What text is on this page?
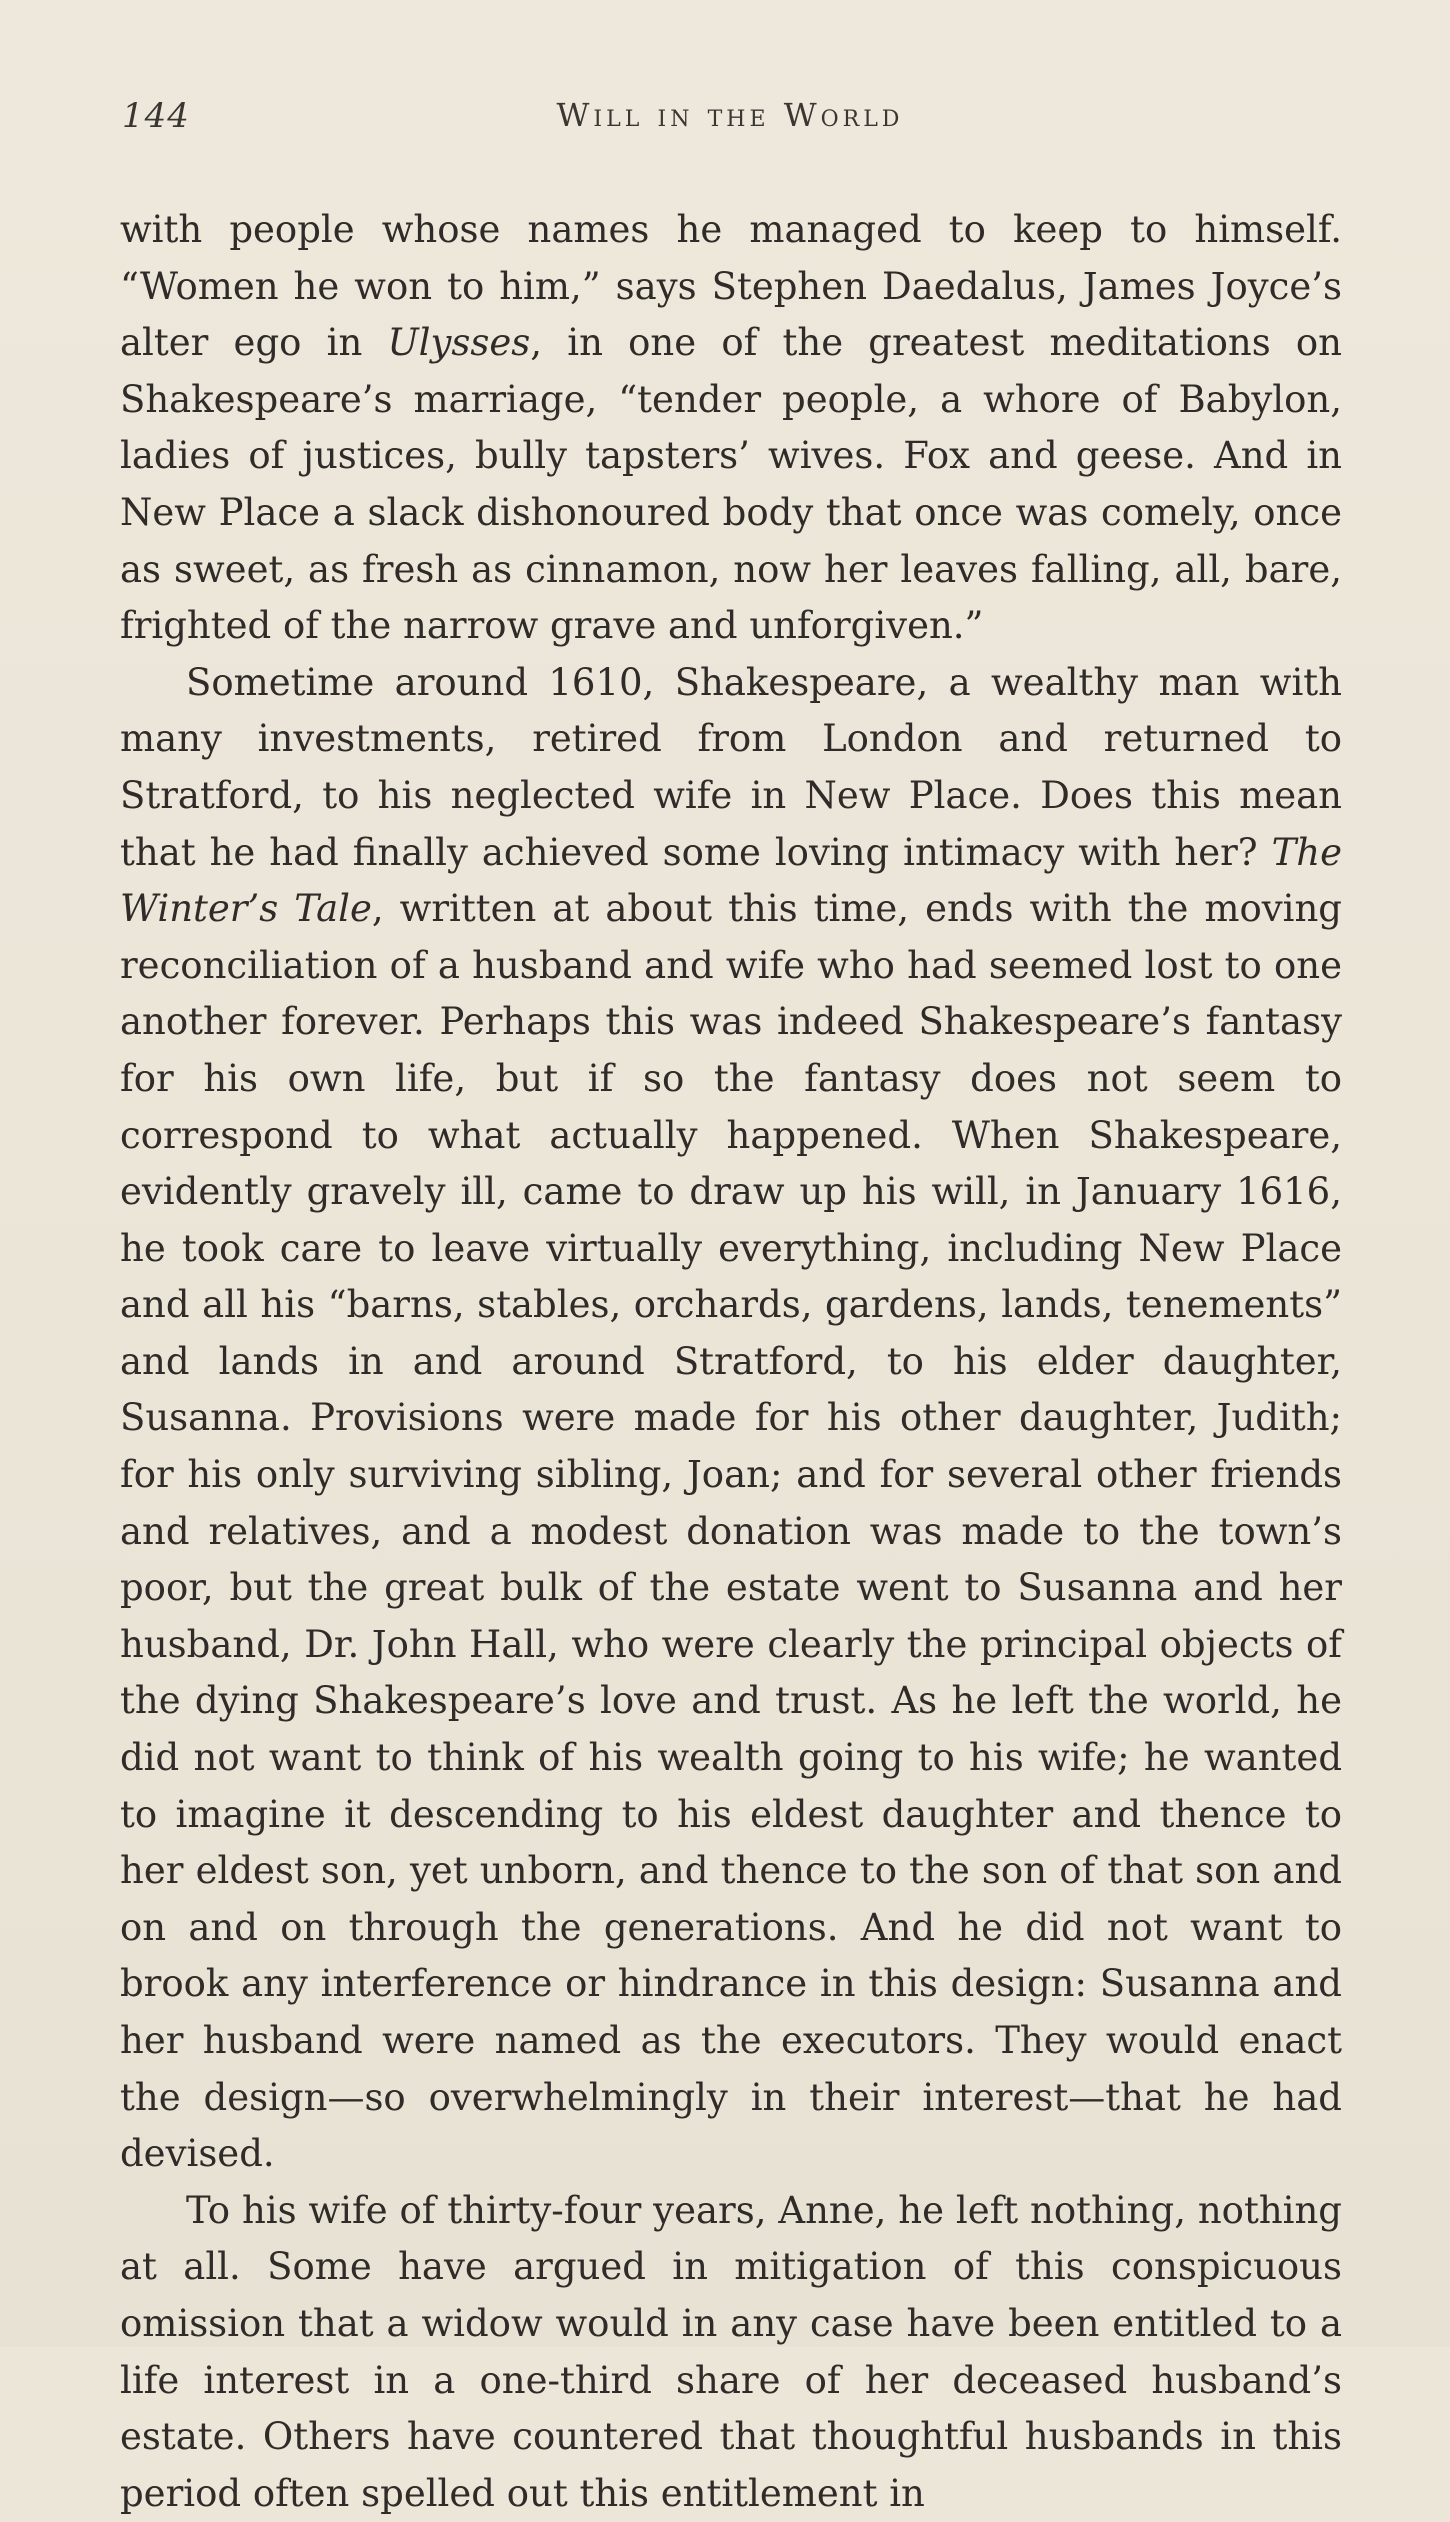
144	Will in the World

with people whose names he managed to keep to himself. “Women he won to him,” says Stephen Daedalus, James Joyce’s alter ego in Ulysses, in one of the greatest meditations on Shakespeare’s marriage, “tender people, a whore of Babylon, ladies of justices, bully tapsters’ wives. Fox and geese. And in New Place a slack dishonoured body that once was comely, once as sweet, as fresh as cinnamon, now her leaves falling, all, bare, frighted of the narrow grave and unforgiven.”

Sometime around 1610, Shakespeare, a wealthy man with many investments, retired from London and returned to Stratford, to his neglected wife in New Place. Does this mean that he had finally achieved some loving intimacy with her? The Winter’s Tale, written at about this time, ends with the moving reconciliation of a husband and wife who had seemed lost to one another forever. Perhaps this was indeed Shakespeare’s fantasy for his own life, but if so the fantasy does not seem to correspond to what actually happened. When Shakespeare, evidently gravely ill, came to draw up his will, in January 1616, he took care to leave virtually everything, including New Place and all his “barns, stables, orchards, gardens, lands, tenements” and lands in and around Stratford, to his elder daughter, Susanna. Provisions were made for his other daughter, Judith; for his only surviving sibling, Joan; and for several other friends and relatives, and a modest donation was made to the town’s poor, but the great bulk of the estate went to Susanna and her husband, Dr. John Hall, who were clearly the principal objects of the dying Shakespeare’s love and trust. As he left the world, he did not want to think of his wealth going to his wife; he wanted to imagine it descending to his eldest daughter and thence to her eldest son, yet unborn, and thence to the son of that son and on and on through the generations. And he did not want to brook any interference or hindrance in this design: Susanna and her husband were named as the executors. They would enact the design—so overwhelmingly in their interest—that he had devised.

To his wife of thirty-four years, Anne, he left nothing, nothing at all. Some have argued in mitigation of this conspicuous omission that a widow would in any case have been entitled to a life interest in a one-third share of her deceased husband’s estate. Others have countered that thoughtful husbands in this period often spelled out this entitlement in
